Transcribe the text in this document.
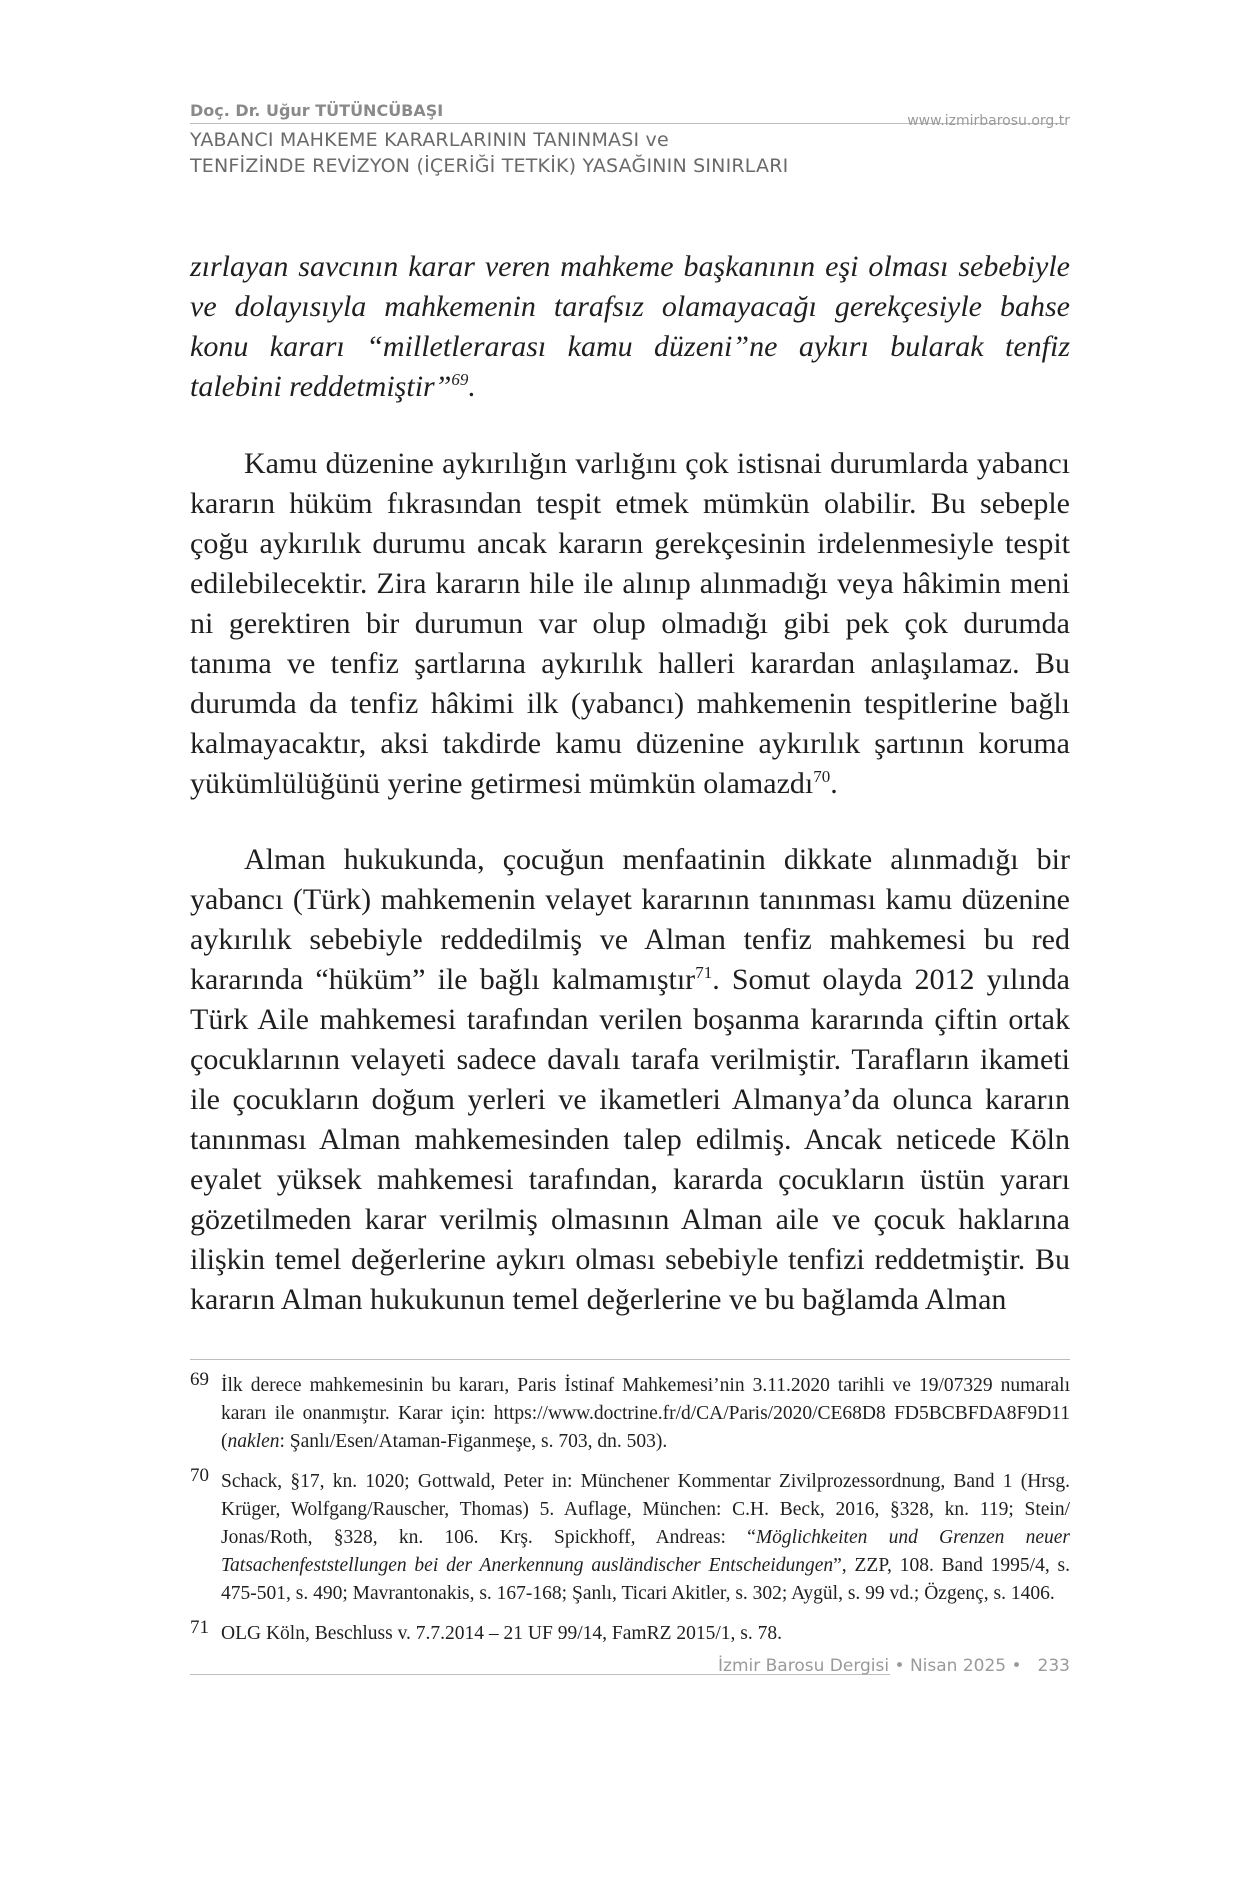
Doç. Dr. Uğur TÜTÜNCÜBAŞI
YABANCI MAHKEME KARARLARININ TANINMASI ve
TENFİZİNDE REVİZYON (İÇERİĞİ TETKİK) YASAĞININ SINIRLARI
www.izmirbarosu.org.tr

zırlayan savcının karar veren mahkeme başkanının eşi olması sebebiyle ve dolayısıyla mahkemenin tarafsız olamayacağı gerekçesiyle bahse konu kararı “milletlerarası kamu düzeni”ne aykırı bularak tenfiz talebini reddetmiştir”$^{69}$.

Kamu düzenine aykırılığın varlığını çok istisnai durumlarda yabancı kararın hüküm fıkrasından tespit etmek mümkün olabilir. Bu sebeple çoğu aykırılık durumu ancak kararın gerekçesinin irdelenmesiyle tespit edilebilecektir. Zira kararın hile ile alınıp alınmadığı veya hâkimin meni ni gerektiren bir durumun var olup olmadığı gibi pek çok durumda tanıma ve tenfiz şartlarına aykırılık halleri karardan anlaşılamaz. Bu durumda da tenfiz hâkimi ilk (yabancı) mahkemenin tespitlerine bağlı kalmayacaktır, aksi takdirde kamu düzenine aykırılık şartının koruma yükümlülüğünü yerine getirmesi mümkün olamazdı$^{70}$.

Alman hukukunda, çocuğun menfaatinin dikkate alınmadığı bir yabancı (Türk) mahkemenin velayet kararının tanınması kamu düzenine aykırılık sebebiyle reddedilmiş ve Alman tenfiz mahkemesi bu red kararında “hüküm” ile bağlı kalmamıştır$^{71}$. Somut olayda 2012 yılında Türk Aile mahkemesi tarafından verilen boşanma kararında çiftin ortak çocuklarının velayeti sadece davalı tarafa verilmiştir. Tarafların ikameti ile çocukların doğum yerleri ve ikametleri Almanya’da olunca kararın tanınması Alman mahkemesinden talep edilmiş. Ancak neticede Köln eyalet yüksek mahkemesi tarafından, kararda çocukların üstün yararı gözetilmeden karar verilmiş olmasının Alman aile ve çocuk haklarına ilişkin temel değerlerine aykırı olması sebebiyle tenfizi reddetmiştir. Bu kararın Alman hukukunun temel değerlerine ve bu bağlamda Alman

69 İlk derece mahkemesinin bu kararı, Paris İstinaf Mahkemesi’nin 3.11.2020 tarihli ve 19/07329 numaralı kararı ile onanmıştır. Karar için: https://www.doctrine.fr/d/CA/Paris/2020/CE68D8 FD5BCBFDA8F9D11 (naklen: Şanlı/Esen/Ataman-Figanmeşe, s. 703, dn. 503).
70 Schack, §17, kn. 1020; Gottwald, Peter in: Münchener Kommentar Zivilprozessordnung, Band 1 (Hrsg. Krüger, Wolfgang/Rauscher, Thomas) 5. Auflage, München: C.H. Beck, 2016, §328, kn. 119; Stein/ Jonas/Roth, §328, kn. 106. Krş. Spickhoff, Andreas: “Möglichkeiten und Grenzen neuer Tatsachenfeststellungen bei der Anerkennung ausländischer Entscheidungen”, ZZP, 108. Band 1995/4, s. 475-501, s. 490; Mavrantonakis, s. 167-168; Şanlı, Ticari Akitler, s. 302; Aygül, s. 99 vd.; Özgenç, s. 1406.
71 OLG Köln, Beschluss v. 7.7.2014 – 21 UF 99/14, FamRZ 2015/1, s. 78.
İzmir Barosu Dergisi • Nisan 2025 • 233
